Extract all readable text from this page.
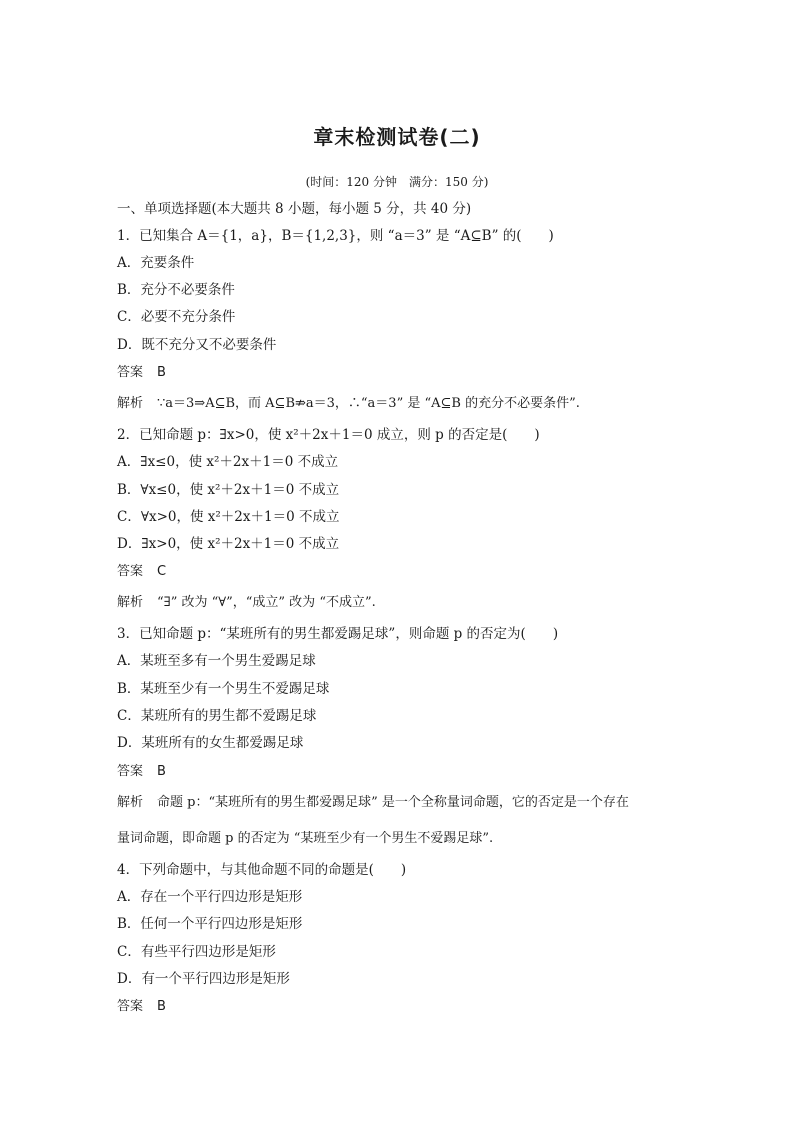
章末检测试卷(二)

(时间：120 分钟　满分：150 分)

一、单项选择题(本大题共 8 小题，每小题 5 分，共 40 分)

1．已知集合 A＝{1，a}，B＝{1,2,3}，则 “a＝3” 是 “A⊆B” 的(　　)

A．充要条件

B．充分不必要条件

C．必要不充分条件

D．既不充分又不必要条件

答案 B

解析 ∵a＝3⇒A⊆B，而 A⊆B⇏a＝3，∴“a＝3” 是 “A⊆B 的充分不必要条件”.

2．已知命题 p：∃x>0，使 x²＋2x＋1＝0 成立，则 p 的否定是(　　)

A．∃x≤0，使 x²＋2x＋1＝0 不成立

B．∀x≤0，使 x²＋2x＋1＝0 不成立

C．∀x>0，使 x²＋2x＋1＝0 不成立

D．∃x>0，使 x²＋2x＋1＝0 不成立

答案 C

解析 “∃” 改为 “∀”，“成立” 改为 “不成立”.

3．已知命题 p：“某班所有的男生都爱踢足球”，则命题 p 的否定为(　　)

A．某班至多有一个男生爱踢足球

B．某班至少有一个男生不爱踢足球

C．某班所有的男生都不爱踢足球

D．某班所有的女生都爱踢足球

答案 B

解析 命题 p：“某班所有的男生都爱踢足球” 是一个全称量词命题，它的否定是一个存在

量词命题，即命题 p 的否定为 “某班至少有一个男生不爱踢足球”.

4．下列命题中，与其他命题不同的命题是(　　)

A．存在一个平行四边形是矩形

B．任何一个平行四边形是矩形

C．有些平行四边形是矩形

D．有一个平行四边形是矩形

答案 B
